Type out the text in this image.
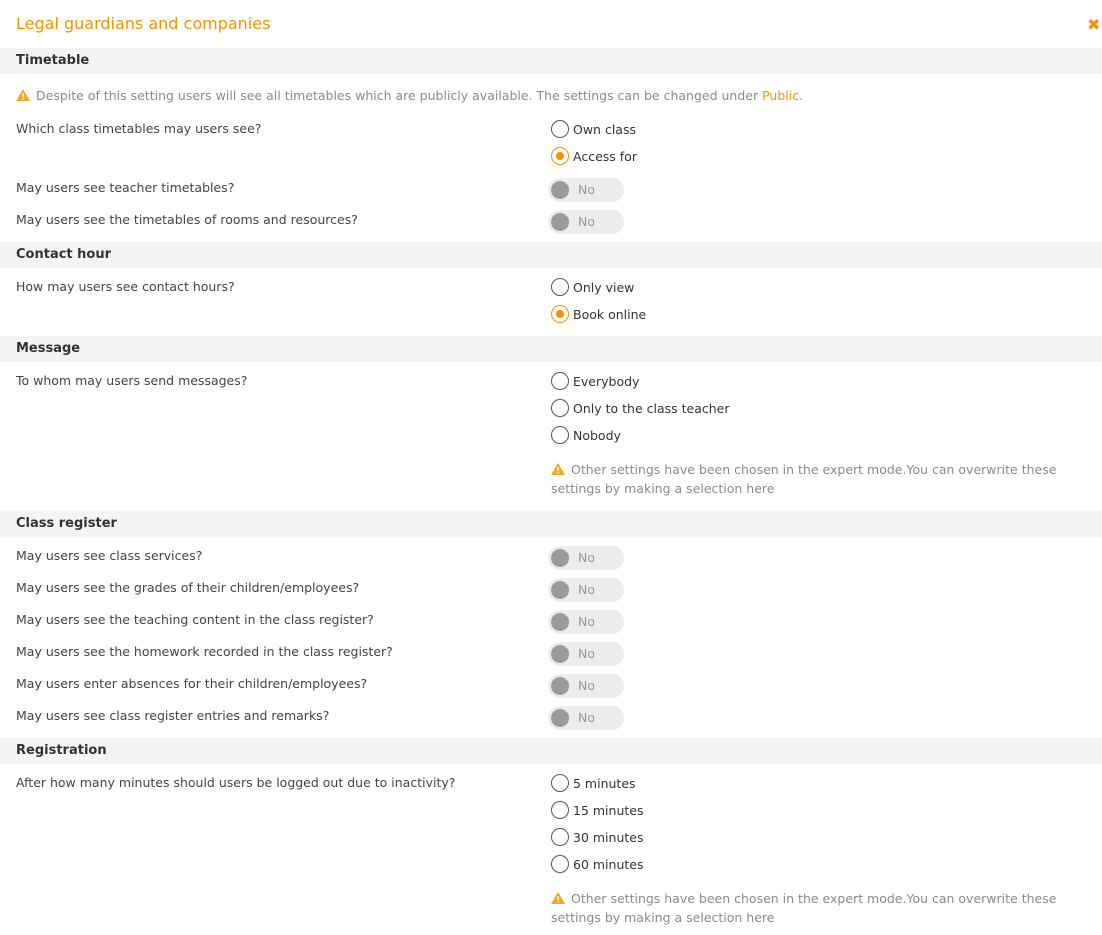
Legal guardians and companies	✖
Timetable
Despite of this setting users will see all timetables which are publicly available. The settings can be changed under Public.
Which class timetables may users see?	Own class
Access for
May users see teacher timetables?	No
May users see the timetables of rooms and resources?	No
Contact hour
How may users see contact hours?	Only view
Book online
Message
To whom may users send messages?	Everybody
Only to the class teacher
Nobody
Other settings have been chosen in the expert mode.You can overwrite these settings by making a selection here
Class register
May users see class services?	No
May users see the grades of their children/employees?	No
May users see the teaching content in the class register?	No
May users see the homework recorded in the class register?	No
May users enter absences for their children/employees?	No
May users see class register entries and remarks?	No
Registration
After how many minutes should users be logged out due to inactivity?	5 minutes
15 minutes
30 minutes
60 minutes
Other settings have been chosen in the expert mode.You can overwrite these settings by making a selection here
